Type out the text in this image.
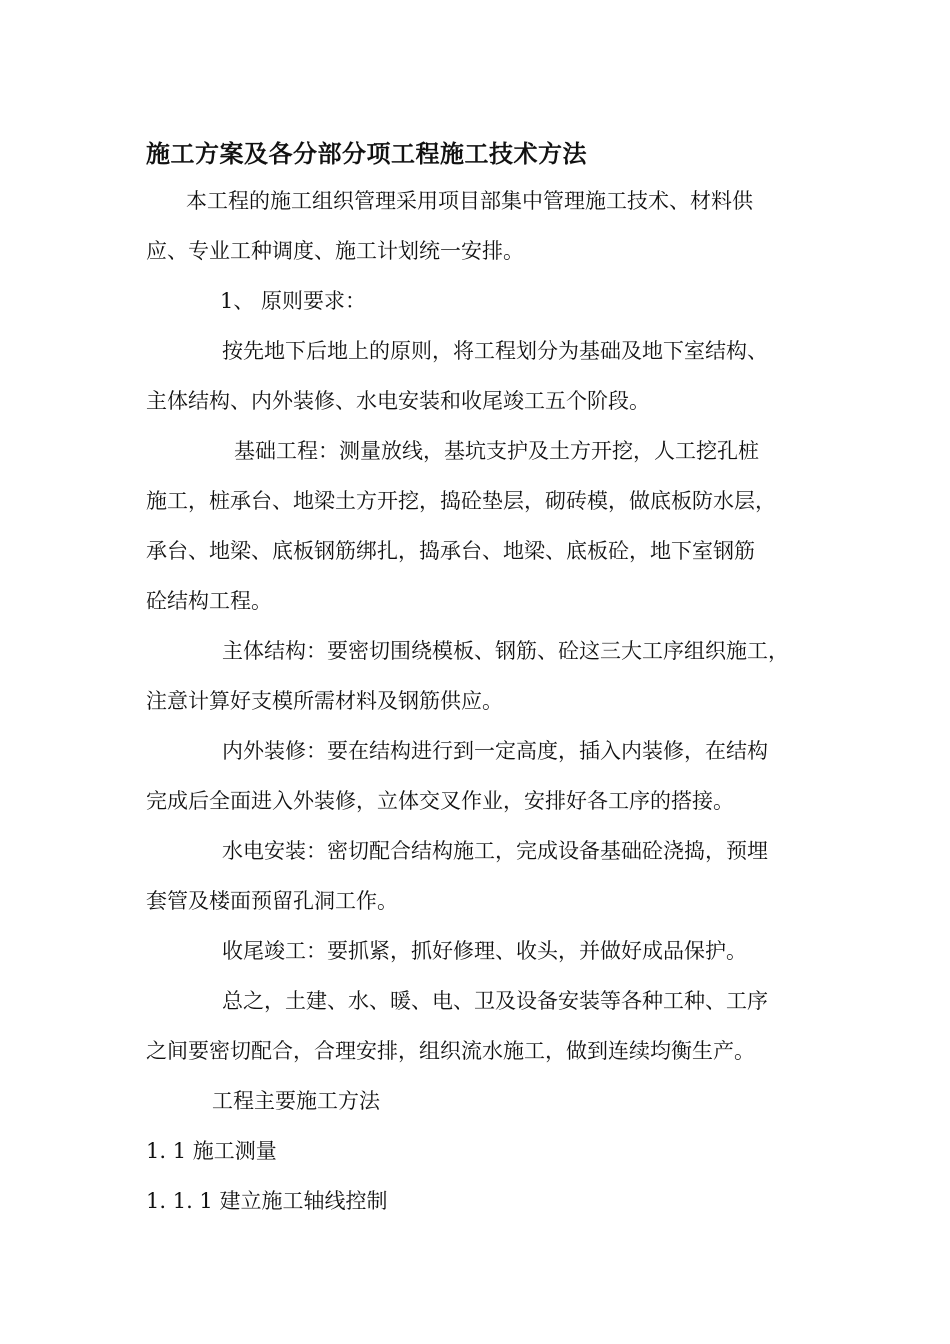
施工方案及各分部分项工程施工技术方法
本工程的施工组织管理采用项目部集中管理施工技术、材料供
应、专业工种调度、施工计划统一安排。
1、 原则要求：
按先地下后地上的原则，将工程划分为基础及地下室结构、
主体结构、内外装修、水电安装和收尾竣工五个阶段。
基础工程：测量放线，基坑支护及土方开挖，人工挖孔桩
施工，桩承台、地梁土方开挖，捣砼垫层，砌砖模，做底板防水层，
承台、地梁、底板钢筋绑扎，捣承台、地梁、底板砼，地下室钢筋
砼结构工程。
主体结构：要密切围绕模板、钢筋、砼这三大工序组织施工，
注意计算好支模所需材料及钢筋供应。
内外装修：要在结构进行到一定高度，插入内装修，在结构
完成后全面进入外装修，立体交叉作业，安排好各工序的搭接。
水电安装：密切配合结构施工，完成设备基础砼浇捣，预埋
套管及楼面预留孔洞工作。
收尾竣工：要抓紧，抓好修理、收头，并做好成品保护。
总之，土建、水、暖、电、卫及设备安装等各种工种、工序
之间要密切配合，合理安排，组织流水施工，做到连续均衡生产。
工程主要施工方法
1. 1 施工测量
1. 1. 1 建立施工轴线控制
